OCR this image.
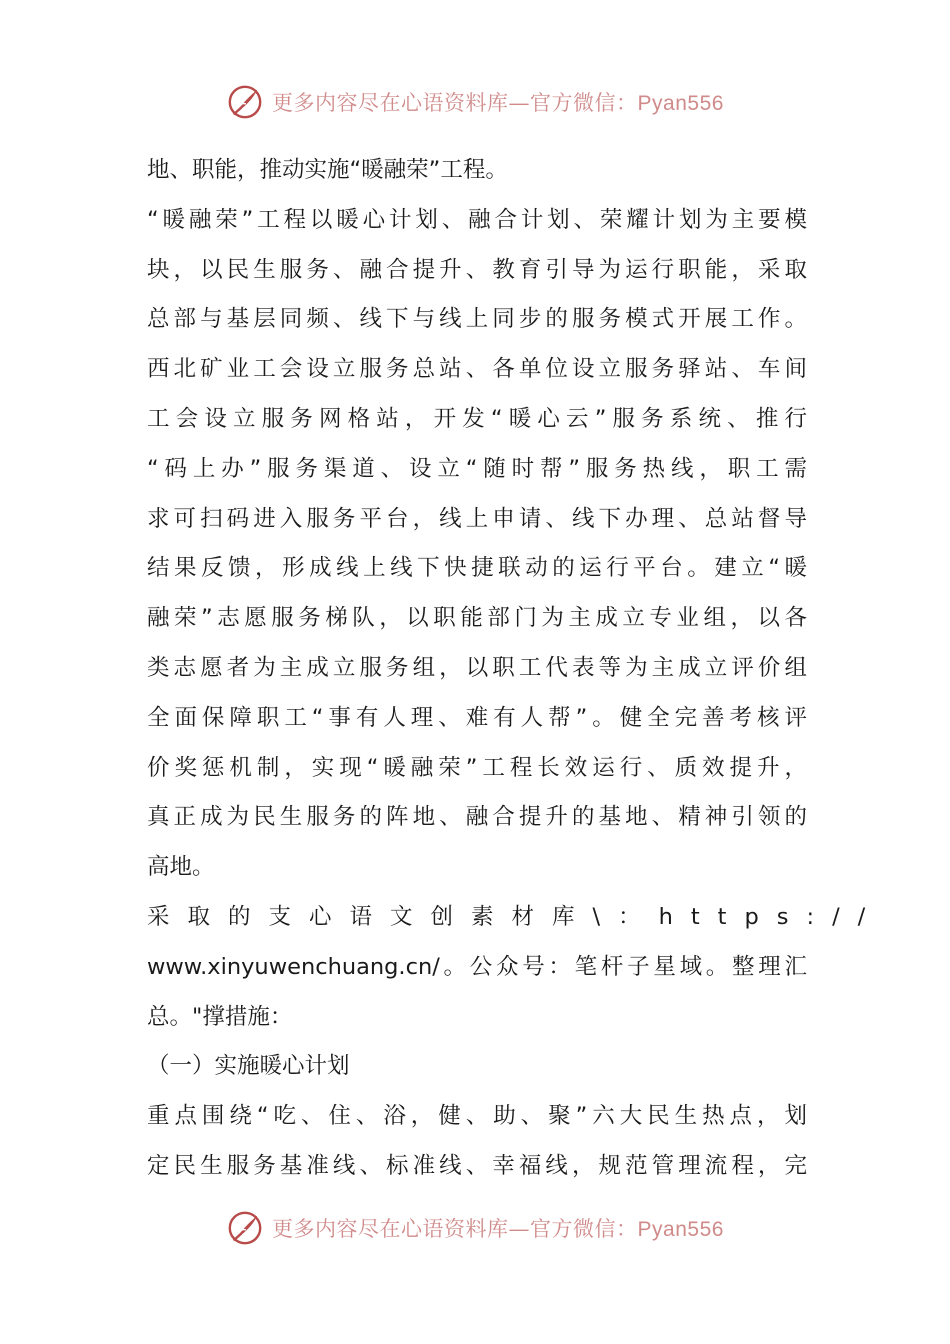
更多内容尽在心语资料库—官方微信：Pyan556
地、职能，推动实施“暖融荣”工程。
“暖融荣”工程以暖心计划、融合计划、荣耀计划为主要模
块，以民生服务、融合提升、教育引导为运行职能，采取
总部与基层同频、线下与线上同步的服务模式开展工作。
西北矿业工会设立服务总站、各单位设立服务驿站、车间
工会设立服务网格站，开发“暖心云”服务系统、推行
“码上办”服务渠道、设立“随时帮”服务热线，职工需
求可扫码进入服务平台，线上申请、线下办理、总站督导
结果反馈，形成线上线下快捷联动的运行平台。建立“暖
融荣”志愿服务梯队，以职能部门为主成立专业组，以各
类志愿者为主成立服务组，以职工代表等为主成立评价组
全面保障职工“事有人理、难有人帮”。健全完善考核评
价奖惩机制，实现“暖融荣”工程长效运行、质效提升，
真正成为民生服务的阵地、融合提升的基地、精神引领的
高地。
采取的支心语文创素材库\：https://
www.xinyuwenchuang.cn/。公众号：笔杆子星域。整理汇
总。"撑措施：
（一）实施暖心计划
重点围绕“吃、住、浴，健、助、聚”六大民生热点，划
定民生服务基准线、标准线、幸福线，规范管理流程，完
更多内容尽在心语资料库—官方微信：Pyan556
